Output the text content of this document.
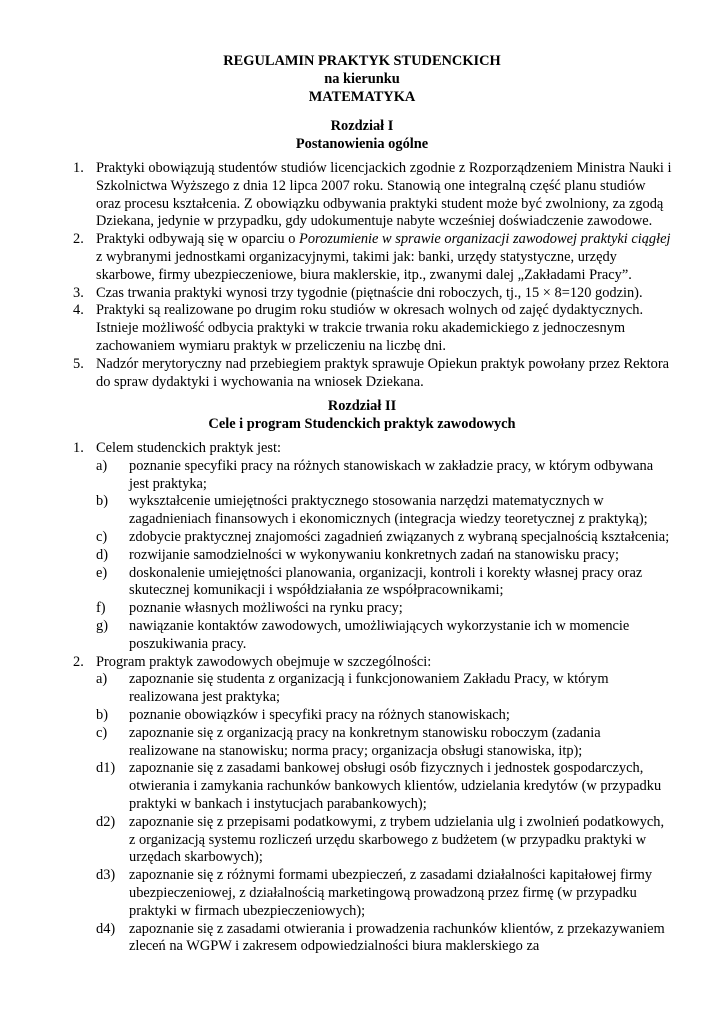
REGULAMIN PRAKTYK STUDENCKICH

na kierunku

MATEMATYKA

Rozdział I

Postanowienia ogólne

1. Praktyki obowiązują studentów studiów licencjackich zgodnie z Rozporządzeniem Ministra Nauki i Szkolnictwa Wyższego z dnia 12 lipca 2007 roku. Stanowią one integralną część planu studiów oraz procesu kształcenia. Z obowiązku odbywania praktyki student może być zwolniony, za zgodą Dziekana, jedynie w przypadku, gdy udokumentuje nabyte wcześniej doświadczenie zawodowe.

2. Praktyki odbywają się w oparciu o Porozumienie w sprawie organizacji zawodowej praktyki ciągłej z wybranymi jednostkami organizacyjnymi, takimi jak: banki, urzędy statystyczne, urzędy skarbowe, firmy ubezpieczeniowe, biura maklerskie, itp., zwanymi dalej „Zakładami Pracy”.

3. Czas trwania praktyki wynosi trzy tygodnie (piętnaście dni roboczych, tj., 15 × 8=120 godzin).

4. Praktyki są realizowane po drugim roku studiów w okresach wolnych od zajęć dydaktycznych. Istnieje możliwość odbycia praktyki w trakcie trwania roku akademickiego z jednoczesnym zachowaniem wymiaru praktyk w przeliczeniu na liczbę dni.

5. Nadzór merytoryczny nad przebiegiem praktyk sprawuje Opiekun praktyk powołany przez Rektora do spraw dydaktyki i wychowania na wniosek Dziekana.

Rozdział II

Cele i program Studenckich praktyk zawodowych

1. Celem studenckich praktyk jest:

a) poznanie specyfiki pracy na różnych stanowiskach w zakładzie pracy, w którym odbywana jest praktyka;

b) wykształcenie umiejętności praktycznego stosowania narzędzi matematycznych w zagadnieniach finansowych i ekonomicznych (integracja wiedzy teoretycznej z praktyką);

c) zdobycie praktycznej znajomości zagadnień związanych z wybraną specjalnością kształcenia;

d) rozwijanie samodzielności w wykonywaniu konkretnych zadań na stanowisku pracy;

e) doskonalenie umiejętności planowania, organizacji, kontroli i korekty własnej pracy oraz skutecznej komunikacji i współdziałania ze współpracownikami;

f) poznanie własnych możliwości na rynku pracy;

g) nawiązanie kontaktów zawodowych, umożliwiających wykorzystanie ich w momencie poszukiwania pracy.

2. Program praktyk zawodowych obejmuje w szczególności:

a) zapoznanie się studenta z organizacją i funkcjonowaniem Zakładu Pracy, w którym realizowana jest praktyka;

b) poznanie obowiązków i specyfiki pracy na różnych stanowiskach;

c) zapoznanie się z organizacją pracy na konkretnym stanowisku roboczym (zadania realizowane na stanowisku; norma pracy; organizacja obsługi stanowiska, itp);

d1) zapoznanie się z zasadami bankowej obsługi osób fizycznych i jednostek gospodarczych, otwierania i zamykania rachunków bankowych klientów, udzielania kredytów (w przypadku praktyki w bankach i instytucjach parabankowych);

d2) zapoznanie się z przepisami podatkowymi, z trybem udzielania ulg i zwolnień podatkowych, z organizacją systemu rozliczeń urzędu skarbowego z budżetem (w przypadku praktyki w urzędach skarbowych);

d3) zapoznanie się z różnymi formami ubezpieczeń, z zasadami działalności kapitałowej firmy ubezpieczeniowej, z działalnością marketingową prowadzoną przez firmę (w przypadku praktyki w firmach ubezpieczeniowych);

d4) zapoznanie się z zasadami otwierania i prowadzenia rachunków klientów, z przekazywaniem zleceń na WGPW i zakresem odpowiedzialności biura maklerskiego za
